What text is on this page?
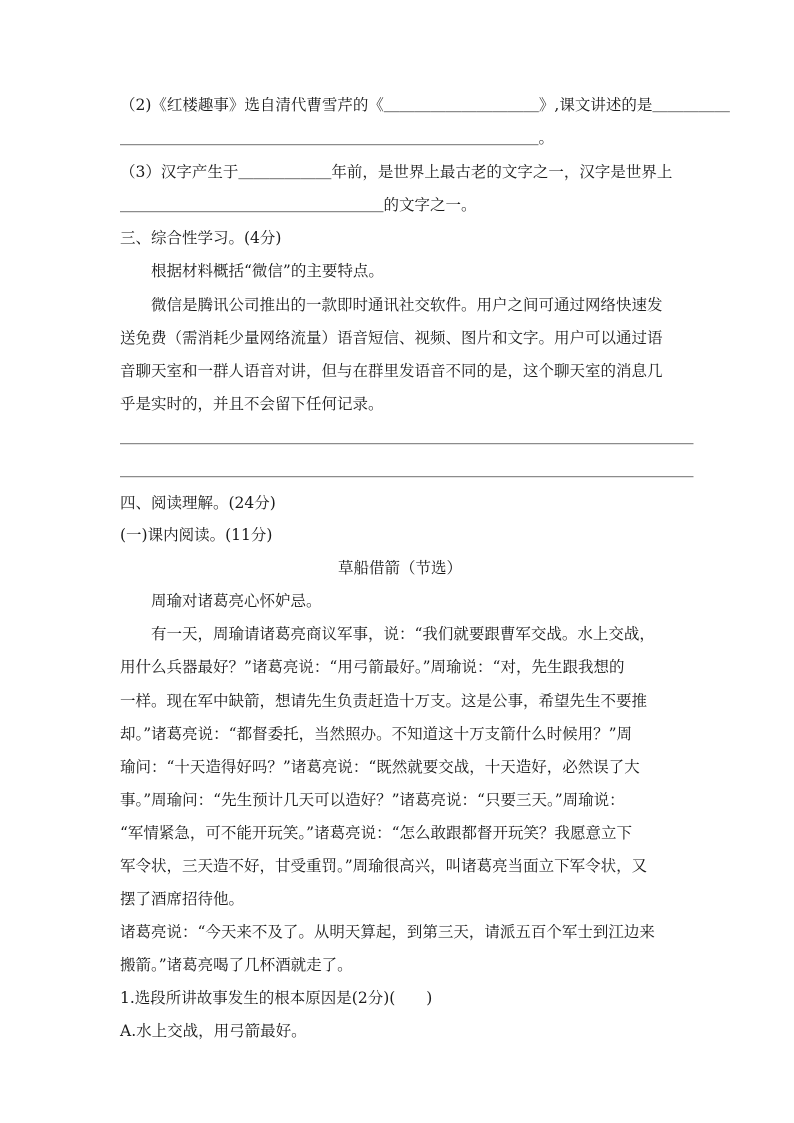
（2)《红楼趣事》选自清代曹雪芹的《＿＿＿＿＿＿＿＿＿＿》,课文讲述的是＿＿＿＿＿
＿＿＿＿＿＿＿＿＿＿＿＿＿＿＿＿＿＿＿＿＿＿＿＿＿＿＿。
（3）汉字产生于＿＿＿＿＿＿年前，是世界上最古老的文字之一，汉字是世界上
＿＿＿＿＿＿＿＿＿＿＿＿＿＿＿＿＿的文字之一。
三、综合性学习。(4分)
根据材料概括“微信”的主要特点。
微信是腾讯公司推出的一款即时通讯社交软件。用户之间可通过网络快速发
送免费（需消耗少量网络流量）语音短信、视频、图片和文字。用户可以通过语
音聊天室和一群人语音对讲，但与在群里发语音不同的是，这个聊天室的消息几
乎是实时的，并且不会留下任何记录。
＿＿＿＿＿＿＿＿＿＿＿＿＿＿＿＿＿＿＿＿＿＿＿＿＿＿＿＿＿＿＿＿＿＿＿＿＿
＿＿＿＿＿＿＿＿＿＿＿＿＿＿＿＿＿＿＿＿＿＿＿＿＿＿＿＿＿＿＿＿＿＿＿＿＿
四、阅读理解。(24分)
(一)课内阅读。(11分)
草船借箭（节选）
周瑜对诸葛亮心怀妒忌。
有一天，周瑜请诸葛亮商议军事，说：“我们就要跟曹军交战。水上交战，
用什么兵器最好？”诸葛亮说：“用弓箭最好。”周瑜说：“对，先生跟我想的
一样。现在军中缺箭，想请先生负责赶造十万支。这是公事，希望先生不要推
却。”诸葛亮说：“都督委托，当然照办。不知道这十万支箭什么时候用？”周
瑜问：“十天造得好吗？”诸葛亮说：“既然就要交战，十天造好，必然误了大
事。”周瑜问：“先生预计几天可以造好？”诸葛亮说：“只要三天。”周瑜说：
“军情紧急，可不能开玩笑。”诸葛亮说：“怎么敢跟都督开玩笑？我愿意立下
军令状，三天造不好，甘受重罚。”周瑜很高兴，叫诸葛亮当面立下军令状，又
摆了酒席招待他。
诸葛亮说：“今天来不及了。从明天算起，到第三天，请派五百个军士到江边来
搬箭。”诸葛亮喝了几杯酒就走了。
1.选段所讲故事发生的根本原因是(2分)(　　)
A.水上交战，用弓箭最好。
